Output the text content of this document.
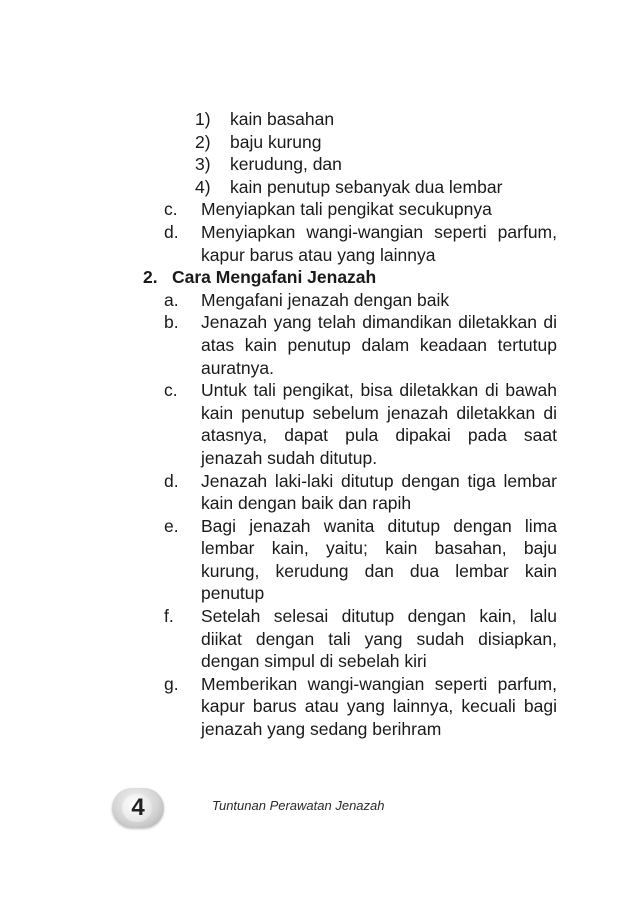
1)	kain basahan
2)	baju kurung
3)	kerudung, dan
4)	kain penutup sebanyak dua lembar
c.	Menyiapkan tali pengikat secukupnya
d.	Menyiapkan wangi-wangian seperti parfum, kapur barus atau yang lainnya
2. Cara Mengafani Jenazah
a.	Mengafani jenazah dengan baik
b.	Jenazah yang telah dimandikan diletakkan di atas kain penutup dalam keadaan tertutup auratnya.
c.	Untuk tali pengikat, bisa diletakkan di bawah kain penutup sebelum jenazah diletakkan di atasnya, dapat pula dipakai pada saat jenazah sudah ditutup.
d.	Jenazah laki-laki ditutup dengan tiga lembar kain dengan baik dan rapih
e.	Bagi jenazah wanita ditutup dengan lima lembar kain, yaitu; kain basahan, baju kurung, kerudung dan dua lembar kain penutup
f.	Setelah selesai ditutup dengan kain, lalu diikat dengan tali yang sudah disiapkan, dengan simpul di sebelah kiri
g.	Memberikan wangi-wangian seperti parfum, kapur barus atau yang lainnya, kecuali bagi jenazah yang sedang berihram
4	Tuntunan Perawatan Jenazah
